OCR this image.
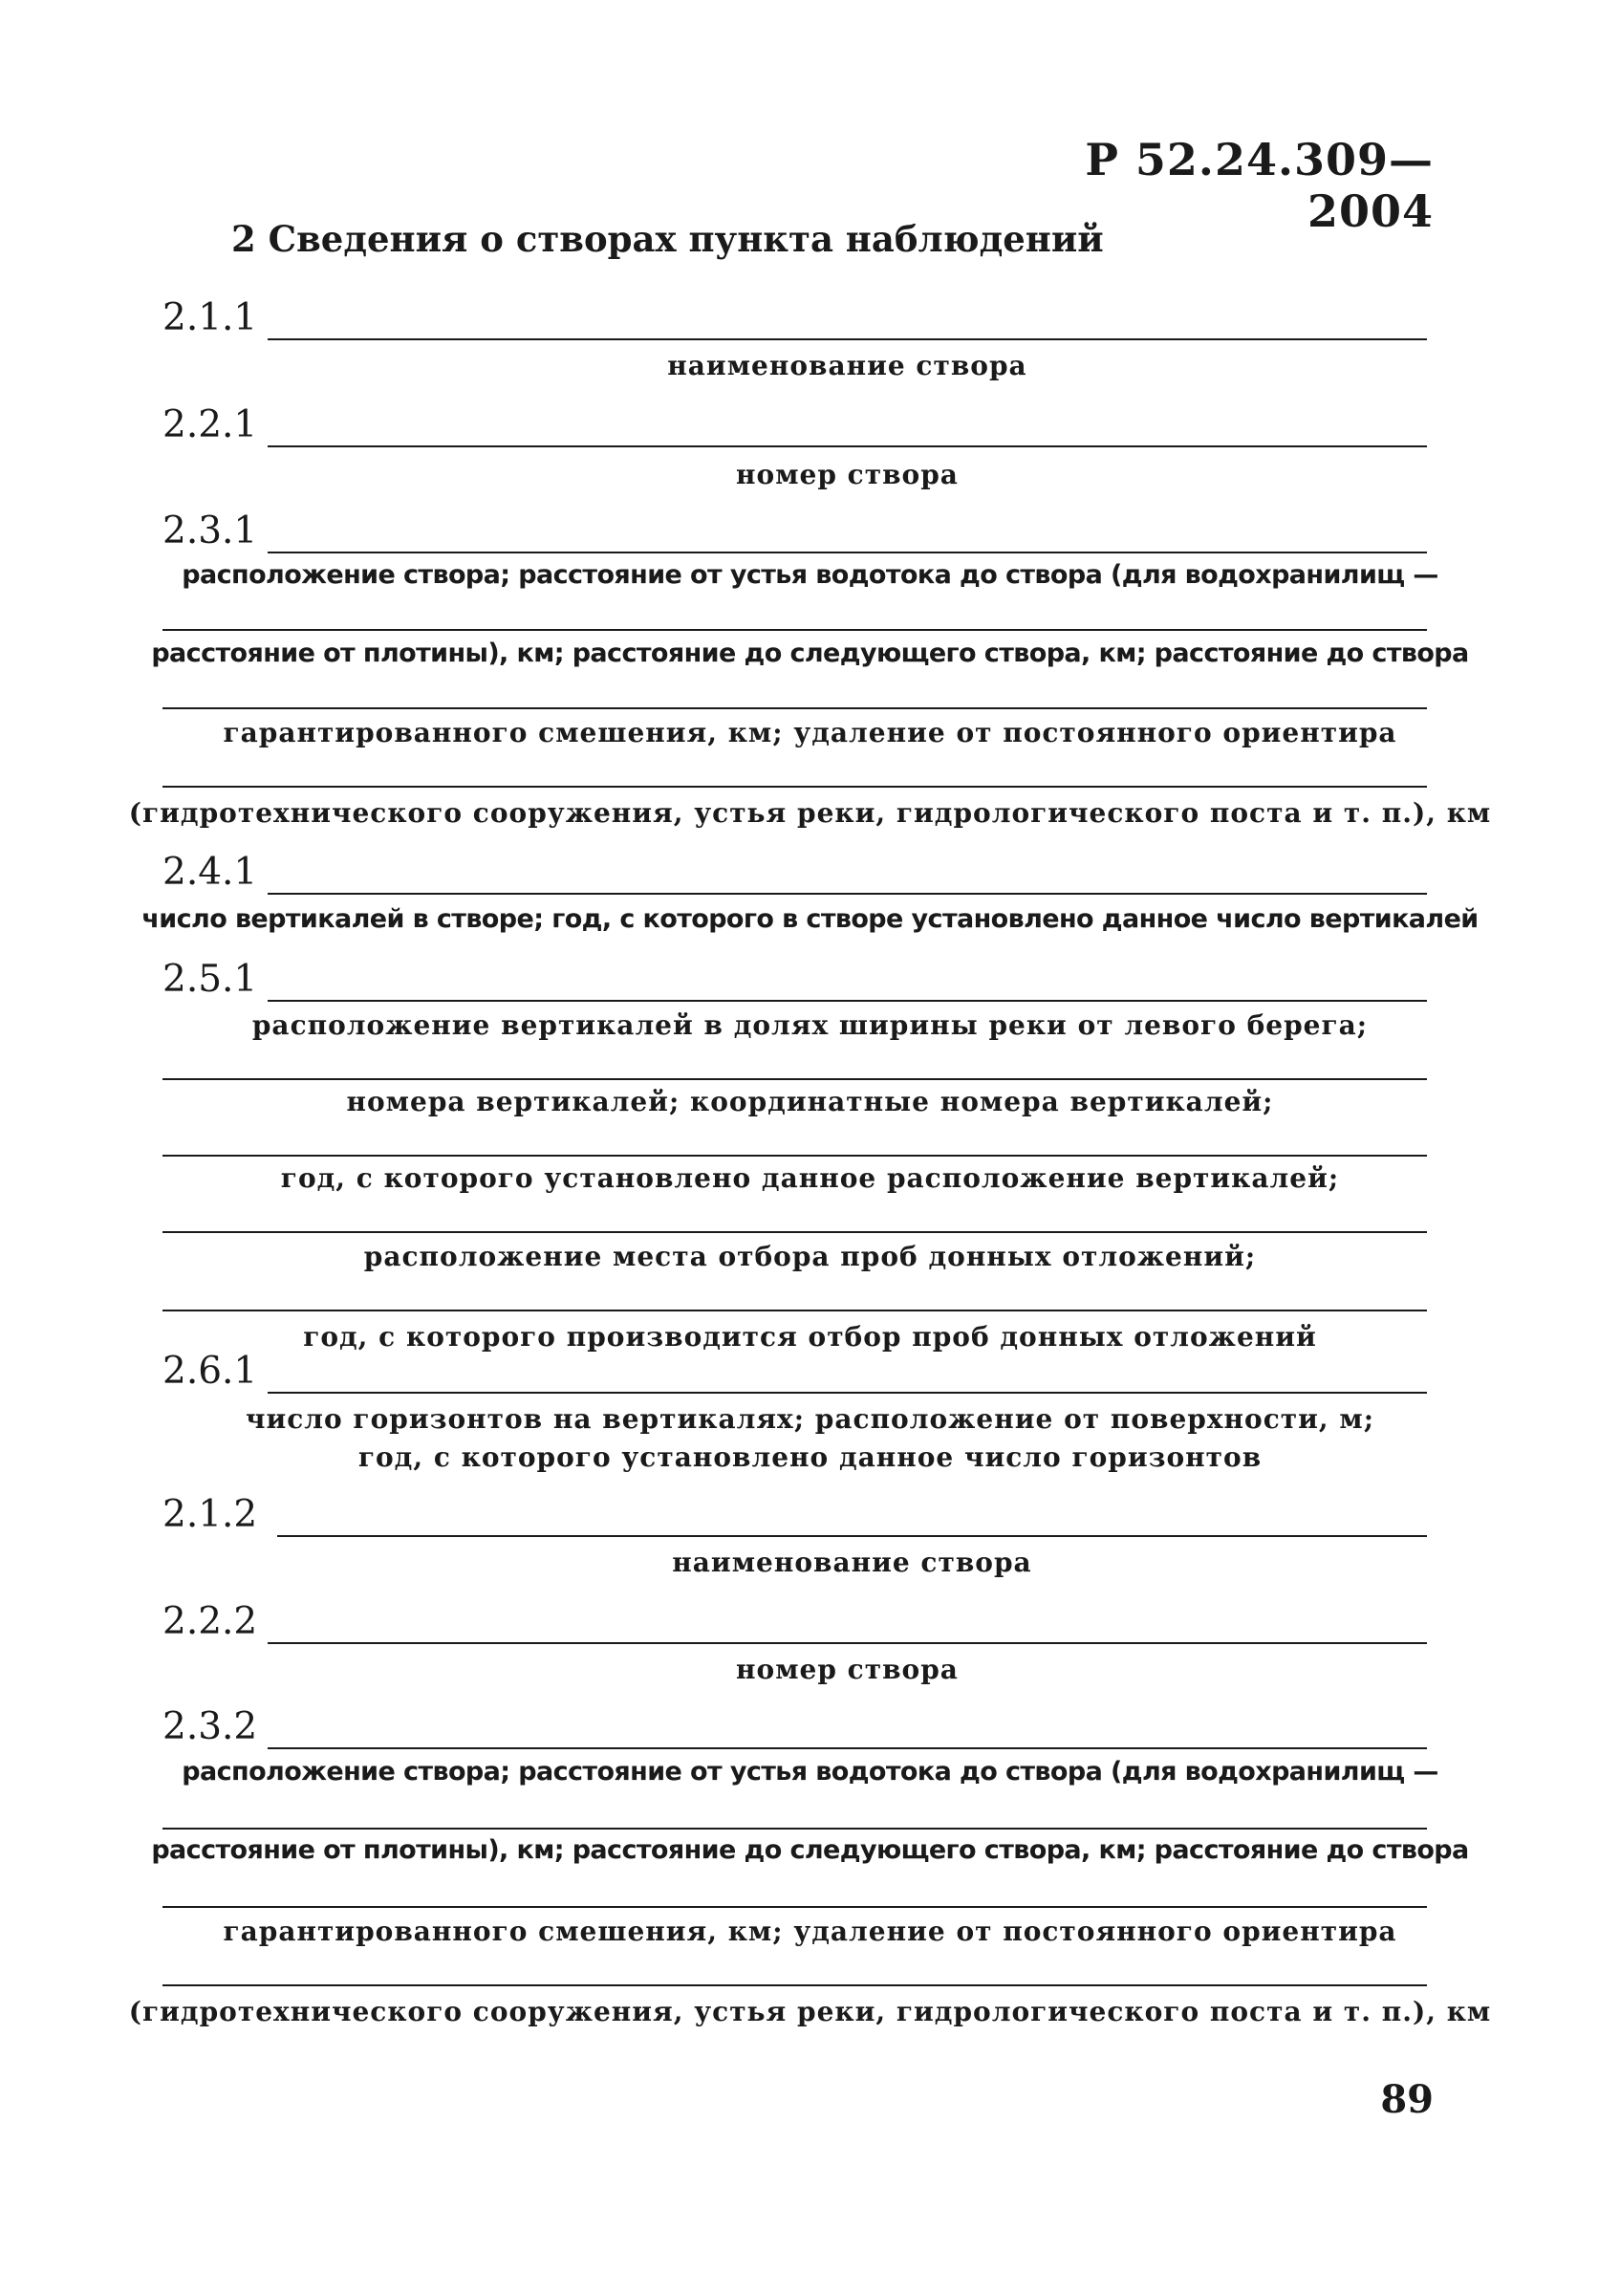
Р 52.24.309—2004
2 Сведения о створах пункта наблюдений
2.1.1
наименование створа
2.2.1
номер створа
2.3.1
расположение створа; расстояние от устья водотока до створа (для водохранилищ —
расстояние от плотины), км; расстояние до следующего створа, км; расстояние до створа
гарантированного смешения, км; удаление от постоянного ориентира
(гидротехнического сооружения, устья реки, гидрологического поста и т. п.), км
2.4.1
число вертикалей в створе; год, с которого в створе установлено данное число вертикалей
2.5.1
расположение вертикалей в долях ширины реки от левого берега;
номера вертикалей; координатные номера вертикалей;
год, с которого установлено данное расположение вертикалей;
расположение места отбора проб донных отложений;
год, с которого производится отбор проб донных отложений
2.6.1
число горизонтов на вертикалях; расположение от поверхности, м;
год, с которого установлено данное число горизонтов
2.1.2
наименование створа
2.2.2
номер створа
2.3.2
расположение створа; расстояние от устья водотока до створа (для водохранилищ —
расстояние от плотины), км; расстояние до следующего створа, км; расстояние до створа
гарантированного смешения, км; удаление от постоянного ориентира
(гидротехнического сооружения, устья реки, гидрологического поста и т. п.), км
89
